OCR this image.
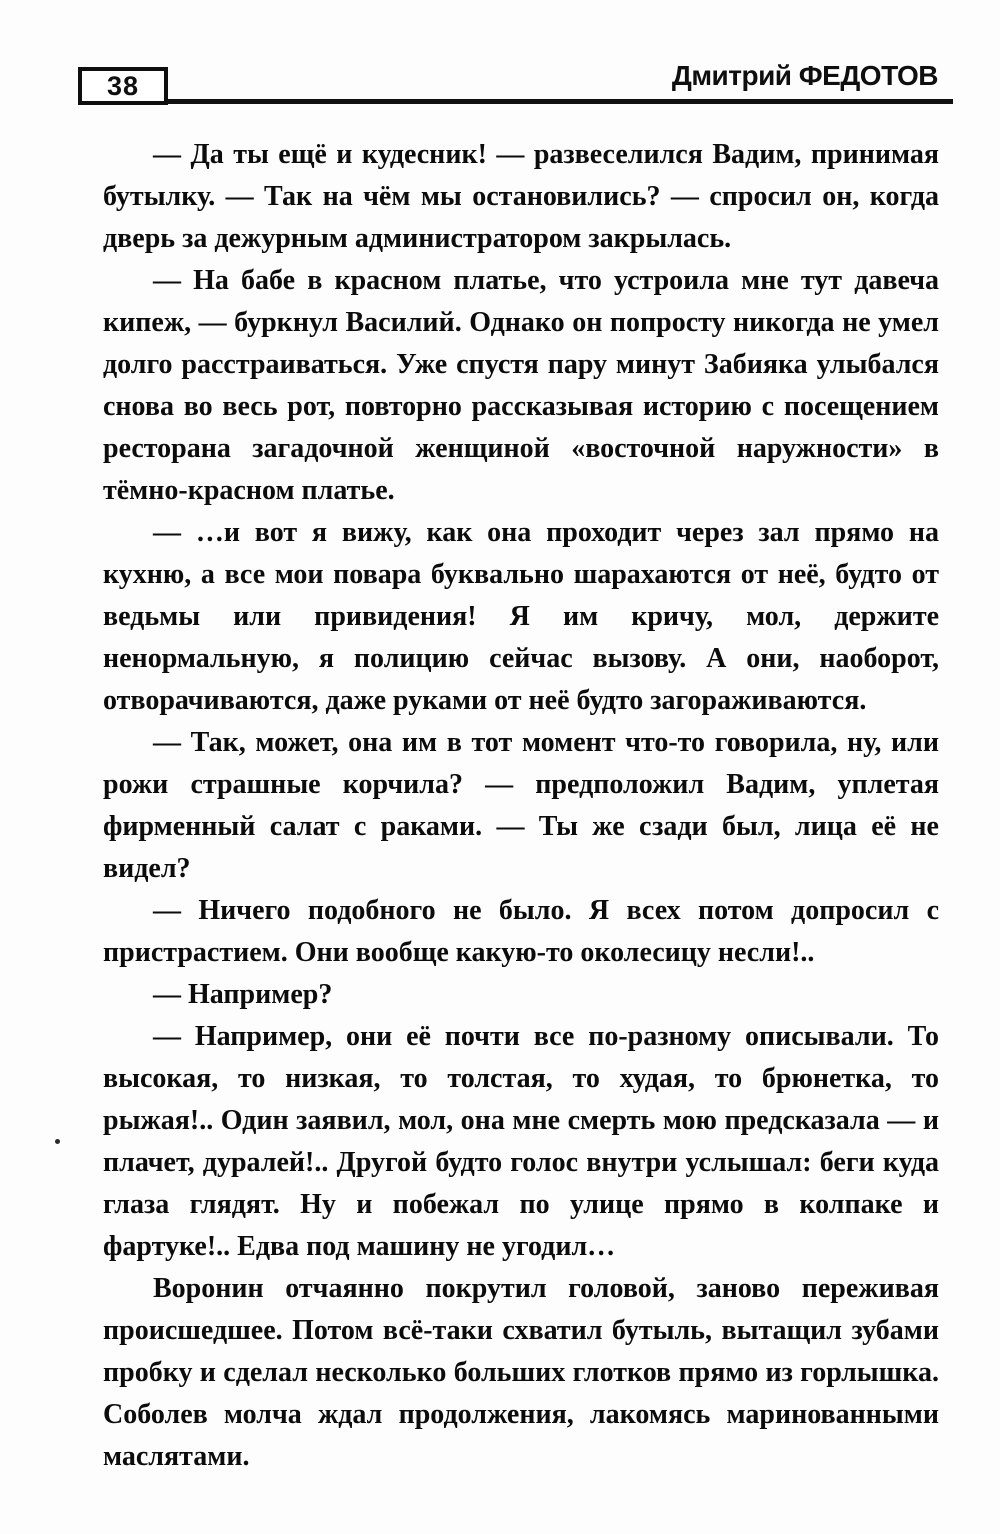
38	Дмитрий ФЕДОТОВ

— Да ты ещё и кудесник! — развеселился Вадим, принимая бутылку. — Так на чём мы остановились? — спросил он, когда дверь за дежурным администратором закрылась.

— На бабе в красном платье, что устроила мне тут давеча кипеж, — буркнул Василий. Однако он попросту никогда не умел долго расстраиваться. Уже спустя пару минут Забияка улыбался снова во весь рот, повторно рассказывая историю с посещением ресторана загадочной женщиной «восточной наружности» в тёмно-красном платье.

— …и вот я вижу, как она проходит через зал прямо на кухню, а все мои повара буквально шарахаются от неё, будто от ведьмы или привидения! Я им кричу, мол, держите ненормальную, я полицию сейчас вызову. А они, наоборот, отворачиваются, даже руками от неё будто загораживаются.

— Так, может, она им в тот момент что-то говорила, ну, или рожи страшные корчила? — предположил Вадим, уплетая фирменный салат с раками. — Ты же сзади был, лица её не видел?

— Ничего подобного не было. Я всех потом допросил с пристрастием. Они вообще какую-то околесицу несли!..

— Например?

— Например, они её почти все по-разному описывали. То высокая, то низкая, то толстая, то худая, то брюнетка, то рыжая!.. Один заявил, мол, она мне смерть мою предсказала — и плачет, дуралей!.. Другой будто голос внутри услышал: беги куда глаза глядят. Ну и побежал по улице прямо в колпаке и фартуке!.. Едва под машину не угодил…

Воронин отчаянно покрутил головой, заново переживая происшедшее. Потом всё-таки схватил бутыль, вытащил зубами пробку и сделал несколько больших глотков прямо из горлышка. Соболев молча ждал продолжения, лакомясь маринованными маслятами.
